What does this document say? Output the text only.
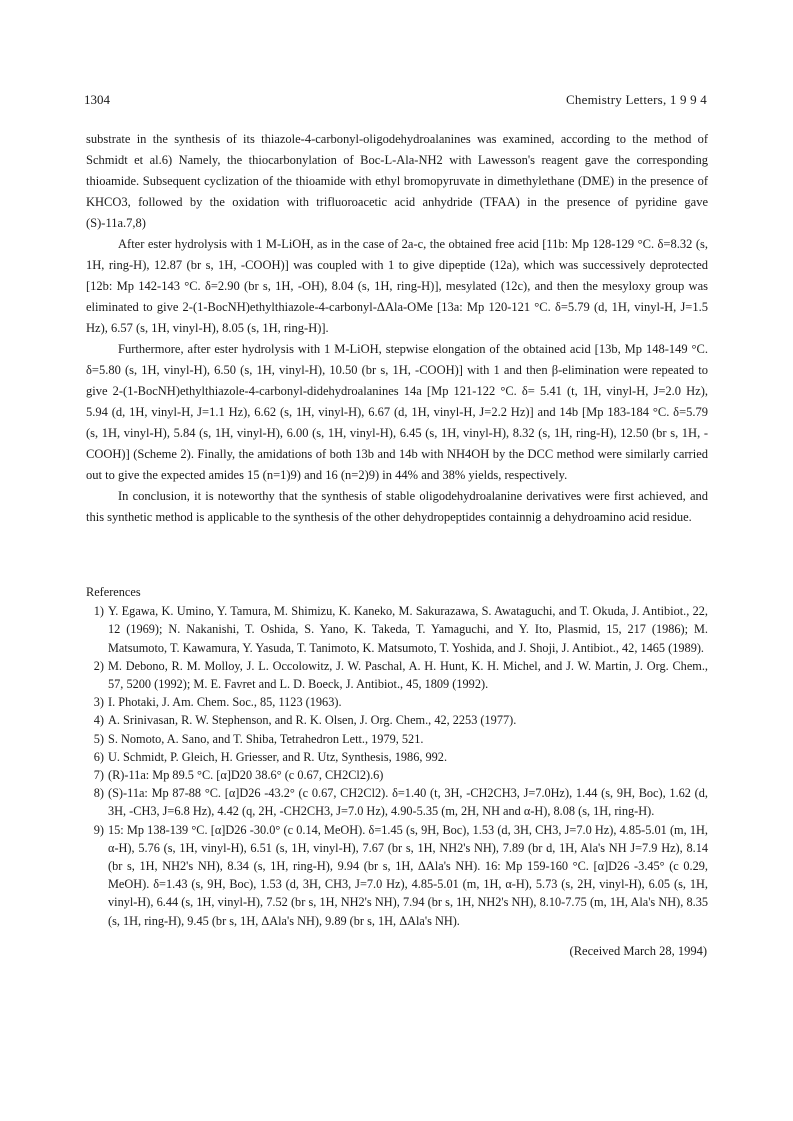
1304	Chemistry Letters, 1 9 9 4

substrate in the synthesis of its thiazole-4-carbonyl-oligodehydroalanines was examined, according to the method of Schmidt et al.6) Namely, the thiocarbonylation of Boc-L-Ala-NH2 with Lawesson's reagent gave the corresponding thioamide. Subsequent cyclization of the thioamide with ethyl bromopyruvate in dimethylethane (DME) in the presence of KHCO3, followed by the oxidation with trifluoroacetic acid anhydride (TFAA) in the presence of pyridine gave (S)-11a.7,8)

After ester hydrolysis with 1 M-LiOH, as in the case of 2a-c, the obtained free acid [11b: Mp 128-129 °C. δ=8.32 (s, 1H, ring-H), 12.87 (br s, 1H, -COOH)] was coupled with 1 to give dipeptide (12a), which was successively deprotected [12b: Mp 142-143 °C. δ=2.90 (br s, 1H, -OH), 8.04 (s, 1H, ring-H)], mesylated (12c), and then the mesyloxy group was eliminated to give 2-(1-BocNH)ethylthiazole-4-carbonyl-ΔAla-OMe [13a: Mp 120-121 °C. δ=5.79 (d, 1H, vinyl-H, J=1.5 Hz), 6.57 (s, 1H, vinyl-H), 8.05 (s, 1H, ring-H)].

Furthermore, after ester hydrolysis with 1 M-LiOH, stepwise elongation of the obtained acid [13b, Mp 148-149 °C. δ=5.80 (s, 1H, vinyl-H), 6.50 (s, 1H, vinyl-H), 10.50 (br s, 1H, -COOH)] with 1 and then β-elimination were repeated to give 2-(1-BocNH)ethylthiazole-4-carbonyl-didehydroalanines 14a [Mp 121-122 °C. δ= 5.41 (t, 1H, vinyl-H, J=2.0 Hz), 5.94 (d, 1H, vinyl-H, J=1.1 Hz), 6.62 (s, 1H, vinyl-H), 6.67 (d, 1H, vinyl-H, J=2.2 Hz)] and 14b [Mp 183-184 °C. δ=5.79 (s, 1H, vinyl-H), 5.84 (s, 1H, vinyl-H), 6.00 (s, 1H, vinyl-H), 6.45 (s, 1H, vinyl-H), 8.32 (s, 1H, ring-H), 12.50 (br s, 1H, -COOH)] (Scheme 2). Finally, the amidations of both 13b and 14b with NH4OH by the DCC method were similarly carried out to give the expected amides 15 (n=1)9) and 16 (n=2)9) in 44% and 38% yields, respectively.

In conclusion, it is noteworthy that the synthesis of stable oligodehydroalanine derivatives were first achieved, and this synthetic method is applicable to the synthesis of the other dehydropeptides containnig a dehydroamino acid residue.

References
1) Y. Egawa, K. Umino, Y. Tamura, M. Shimizu, K. Kaneko, M. Sakurazawa, S. Awataguchi, and T. Okuda, J. Antibiot., 22, 12 (1969); N. Nakanishi, T. Oshida, S. Yano, K. Takeda, T. Yamaguchi, and Y. Ito, Plasmid, 15, 217 (1986); M. Matsumoto, T. Kawamura, Y. Yasuda, T. Tanimoto, K. Matsumoto, T. Yoshida, and J. Shoji, J. Antibiot., 42, 1465 (1989).
2) M. Debono, R. M. Molloy, J. L. Occolowitz, J. W. Paschal, A. H. Hunt, K. H. Michel, and J. W. Martin, J. Org. Chem., 57, 5200 (1992); M. E. Favret and L. D. Boeck, J. Antibiot., 45, 1809 (1992).
3) I. Photaki, J. Am. Chem. Soc., 85, 1123 (1963).
4) A. Srinivasan, R. W. Stephenson, and R. K. Olsen, J. Org. Chem., 42, 2253 (1977).
5) S. Nomoto, A. Sano, and T. Shiba, Tetrahedron Lett., 1979, 521.
6) U. Schmidt, P. Gleich, H. Griesser, and R. Utz, Synthesis, 1986, 992.
7) (R)-11a: Mp 89.5 °C. [α]D20 38.6° (c 0.67, CH2Cl2).6)
8) (S)-11a: Mp 87-88 °C. [α]D26 -43.2° (c 0.67, CH2Cl2). δ=1.40 (t, 3H, -CH2CH3, J=7.0Hz), 1.44 (s, 9H, Boc), 1.62 (d, 3H, -CH3, J=6.8 Hz), 4.42 (q, 2H, -CH2CH3, J=7.0 Hz), 4.90-5.35 (m, 2H, NH and α-H), 8.08 (s, 1H, ring-H).
9) 15: Mp 138-139 °C. [α]D26 -30.0° (c 0.14, MeOH). δ=1.45 (s, 9H, Boc), 1.53 (d, 3H, CH3, J=7.0 Hz), 4.85-5.01 (m, 1H, α-H), 5.76 (s, 1H, vinyl-H), 6.51 (s, 1H, vinyl-H), 7.67 (br s, 1H, NH2's NH), 7.89 (br d, 1H, Ala's NH J=7.9 Hz), 8.14 (br s, 1H, NH2's NH), 8.34 (s, 1H, ring-H), 9.94 (br s, 1H, ΔAla's NH). 16: Mp 159-160 °C. [α]D26 -3.45° (c 0.29, MeOH). δ=1.43 (s, 9H, Boc), 1.53 (d, 3H, CH3, J=7.0 Hz), 4.85-5.01 (m, 1H, α-H), 5.73 (s, 2H, vinyl-H), 6.05 (s, 1H, vinyl-H), 6.44 (s, 1H, vinyl-H), 7.52 (br s, 1H, NH2's NH), 7.94 (br s, 1H, NH2's NH), 8.10-7.75 (m, 1H, Ala's NH), 8.35 (s, 1H, ring-H), 9.45 (br s, 1H, ΔAla's NH), 9.89 (br s, 1H, ΔAla's NH).
(Received March 28, 1994)
